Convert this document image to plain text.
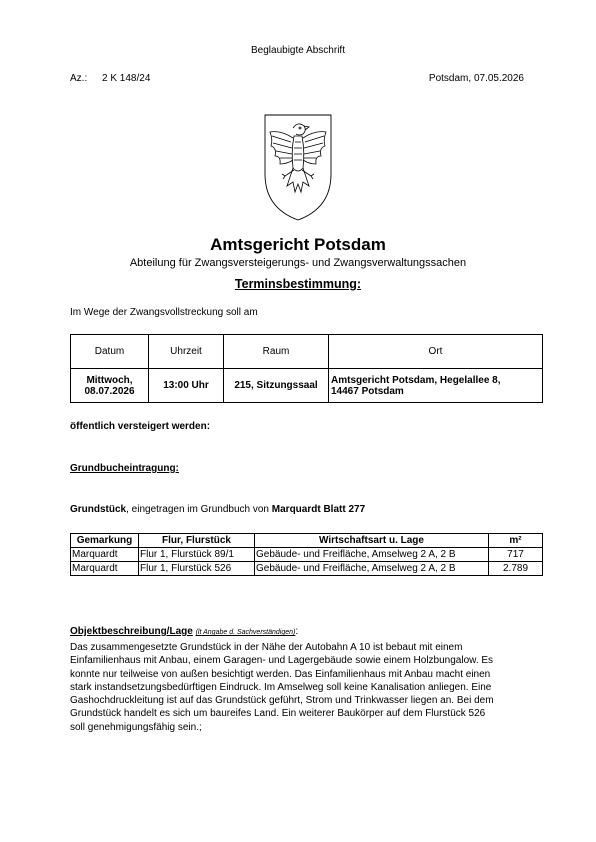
Beglaubigte Abschrift
Az.: 2 K 148/24	Potsdam, 07.05.2026
Amtsgericht Potsdam
Abteilung für Zwangsversteigerungs- und Zwangsverwaltungssachen
Terminsbestimmung:
Im Wege der Zwangsvollstreckung soll am
Datum	Uhrzeit	Raum	Ort
Mittwoch,
08.07.2026	13:00 Uhr	215, Sitzungssaal	Amtsgericht Potsdam, Hegelallee 8,
14467 Potsdam
öffentlich versteigert werden:
Grundbucheintragung:
Grundstück, eingetragen im Grundbuch von Marquardt Blatt 277
Gemarkung	Flur, Flurstück	Wirtschaftsart u. Lage	m²
Marquardt	Flur 1, Flurstück 89/1	Gebäude- und Freifläche, Amselweg 2 A, 2 B	717
Marquardt	Flur 1, Flurstück 526	Gebäude- und Freifläche, Amselweg 2 A, 2 B	2.789
Objektbeschreibung/Lage (lt Angabe d. Sachverständigen):
Das zusammengesetzte Grundstück in der Nähe der Autobahn A 10 ist bebaut mit einem
Einfamilienhaus mit Anbau, einem Garagen- und Lagergebäude sowie einem Holzbungalow. Es
konnte nur teilweise von außen besichtigt werden. Das Einfamilienhaus mit Anbau macht einen
stark instandsetzungsbedürftigen Eindruck. Im Amselweg soll keine Kanalisation anliegen. Eine
Gashochdruckleitung ist auf das Grundstück geführt, Strom und Trinkwasser liegen an. Bei dem
Grundstück handelt es sich um baureifes Land. Ein weiterer Baukörper auf dem Flurstück 526
soll genehmigungsfähig sein.;
